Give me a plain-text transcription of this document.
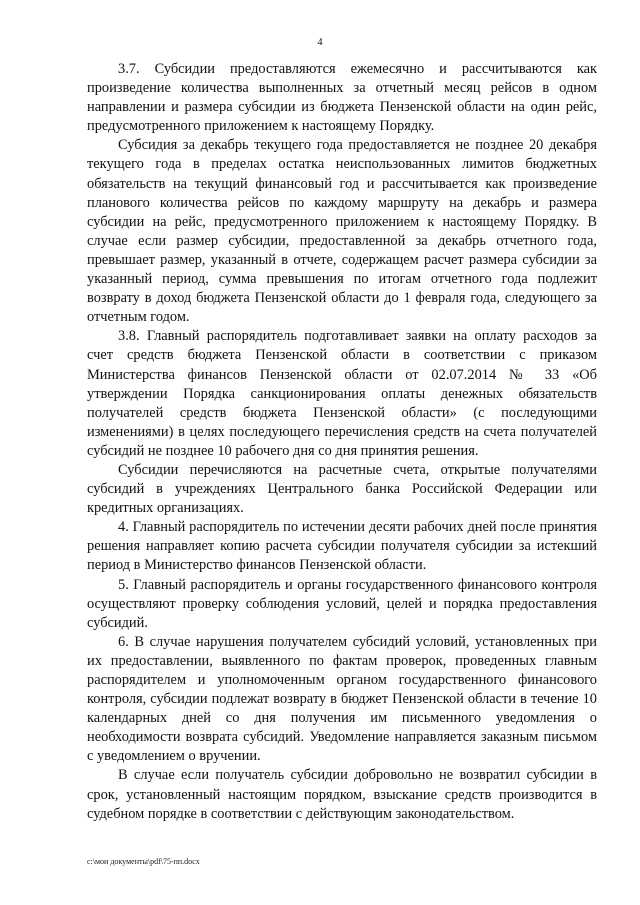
4

3.7. Субсидии предоставляются ежемесячно и рассчитываются как произведение количества выполненных за отчетный месяц рейсов в одном направлении и размера субсидии из бюджета Пензенской области на один рейс, предусмотренного приложением к настоящему Порядку.

Субсидия за декабрь текущего года предоставляется не позднее 20 декабря текущего года в пределах остатка неиспользованных лимитов бюджетных обязательств на текущий финансовый год и рассчитывается как произведение планового количества рейсов по каждому маршруту на декабрь и размера субсидии на рейс, предусмотренного приложением к настоящему Порядку. В случае если размер субсидии, предоставленной за декабрь отчетного года, превышает размер, указанный в отчете, содержащем расчет размера субсидии за указанный период, сумма превышения по итогам отчетного года подлежит возврату в доход бюджета Пензенской области до 1 февраля года, следующего за отчетным годом.

3.8. Главный распорядитель подготавливает заявки на оплату расходов за счет средств бюджета Пензенской области в соответствии с приказом Министерства финансов Пензенской области от 02.07.2014 № 33 «Об утверждении Порядка санкционирования оплаты денежных обязательств получателей средств бюджета Пензенской области» (с последующими изменениями) в целях последующего перечисления средств на счета получателей субсидий не позднее 10 рабочего дня со дня принятия решения.

Субсидии перечисляются на расчетные счета, открытые получателями субсидий в учреждениях Центрального банка Российской Федерации или кредитных организациях.

4. Главный распорядитель по истечении десяти рабочих дней после принятия решения направляет копию расчета субсидии получателя субсидии за истекший период в Министерство финансов Пензенской области.

5. Главный распорядитель и органы государственного финансового контроля осуществляют проверку соблюдения условий, целей и порядка предоставления субсидий.

6. В случае нарушения получателем субсидий условий, установленных при их предоставлении, выявленного по фактам проверок, проведенных главным распорядителем и уполномоченным органом государственного финансового контроля, субсидии подлежат возврату в бюджет Пензенской области в течение 10 календарных дней со дня получения им письменного уведомления о необходимости возврата субсидий. Уведомление направляется заказным письмом с уведомлением о вручении.

В случае если получатель субсидии добровольно не возвратил субсидии в срок, установленный настоящим порядком, взыскание средств производится в судебном порядке в соответствии с действующим законодательством.

c:\мои документы\pdf\75-пп.docx
